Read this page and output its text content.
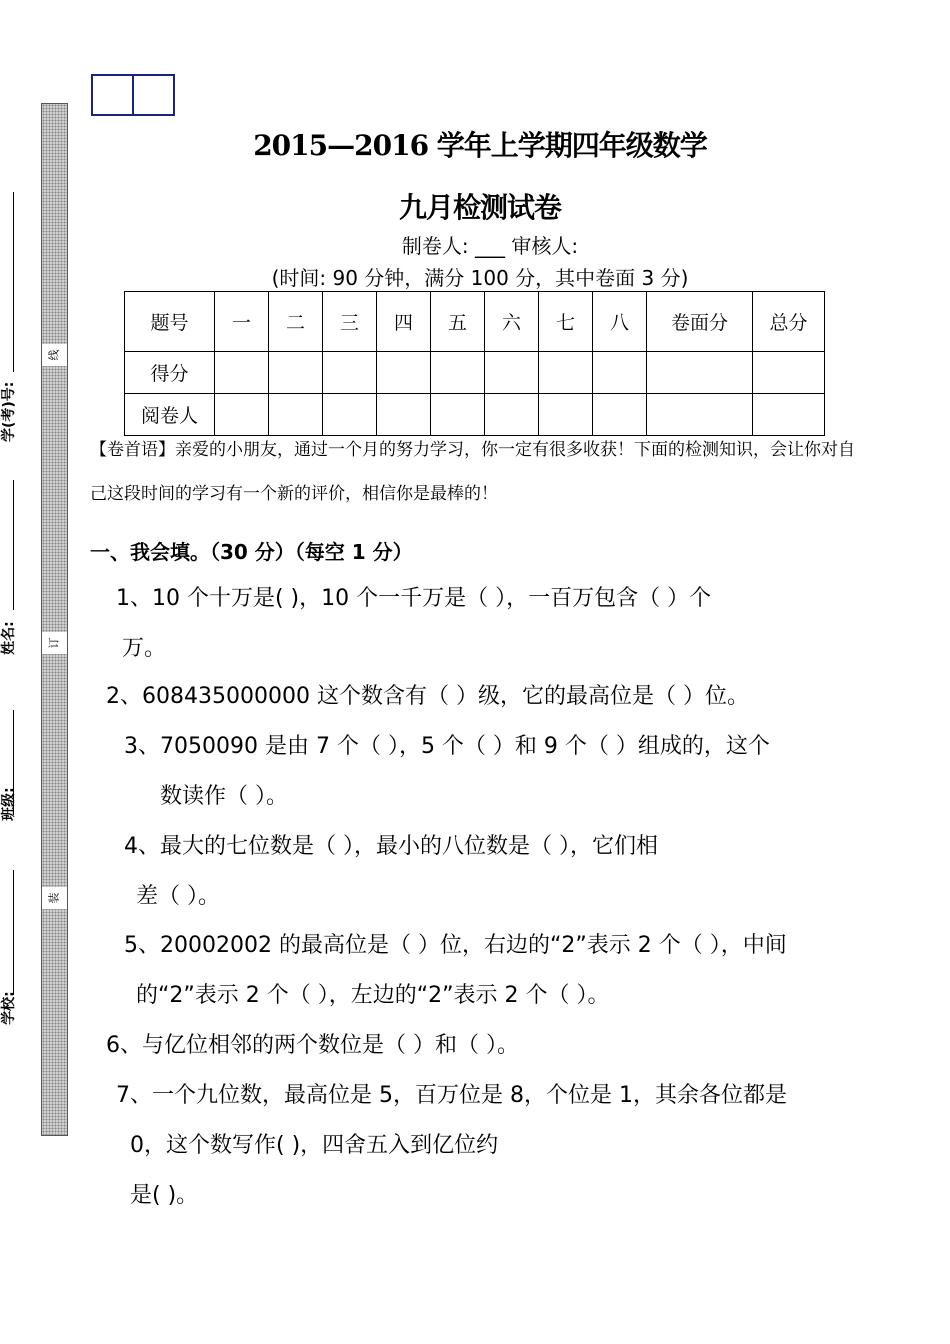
学(考)号:
姓名:
班级:
学校:
线
订
装
2015—2016 学年上学期四年级数学
九月检测试卷
制卷人: ___ 审核人:
(时间: 90 分钟，满分 100 分，其中卷面 3 分)
题号	一	二	三	四	五	六	七	八	卷面分	总分
得分										
阅卷人										
【卷首语】亲爱的小朋友，通过一个月的努力学习，你一定有很多收获！下面的检测知识，会让你对自己这段时间的学习有一个新的评价，相信你是最棒的！
一、我会填。（30 分）（每空 1 分）
1、10 个十万是( )，10 个一千万是（ ），一百万包含（ ）个
万。
2、608435000000 这个数含有（ ）级，它的最高位是（ ）位。
3、7050090 是由 7 个（ ），5 个（ ）和 9 个（ ）组成的，这个
数读作（ ）。
4、最大的七位数是（ ），最小的八位数是（ ），它们相
差（ ）。
5、20002002 的最高位是（ ）位，右边的“2”表示 2 个（ ），中间
的“2”表示 2 个（ ），左边的“2”表示 2 个（ ）。
6、与亿位相邻的两个数位是（ ）和（ ）。
7、一个九位数，最高位是 5，百万位是 8，个位是 1，其余各位都是
0，这个数写作( )，四舍五入到亿位约
是( )。
